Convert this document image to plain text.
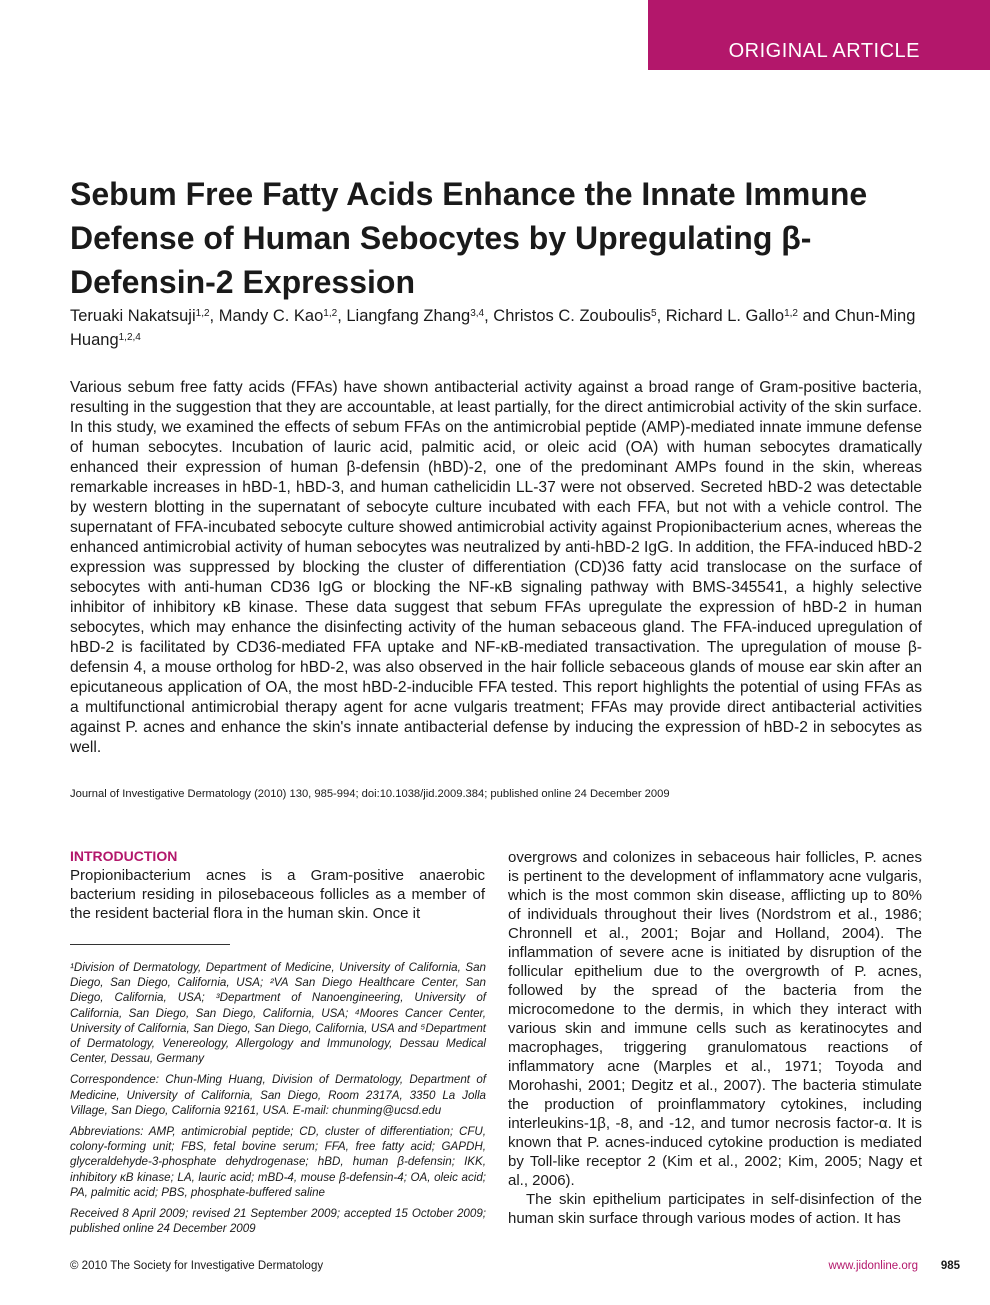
ORIGINAL ARTICLE
Sebum Free Fatty Acids Enhance the Innate Immune Defense of Human Sebocytes by Upregulating β-Defensin-2 Expression
Teruaki Nakatsuji$^{1,2}$, Mandy C. Kao$^{1,2}$, Liangfang Zhang$^{3,4}$, Christos C. Zouboulis$^5$, Richard L. Gallo$^{1,2}$ and Chun-Ming Huang$^{1,2,4}$
Various sebum free fatty acids (FFAs) have shown antibacterial activity against a broad range of Gram-positive bacteria, resulting in the suggestion that they are accountable, at least partially, for the direct antimicrobial activity of the skin surface. In this study, we examined the effects of sebum FFAs on the antimicrobial peptide (AMP)-mediated innate immune defense of human sebocytes. Incubation of lauric acid, palmitic acid, or oleic acid (OA) with human sebocytes dramatically enhanced their expression of human β-defensin (hBD)-2, one of the predominant AMPs found in the skin, whereas remarkable increases in hBD-1, hBD-3, and human cathelicidin LL-37 were not observed. Secreted hBD-2 was detectable by western blotting in the supernatant of sebocyte culture incubated with each FFA, but not with a vehicle control. The supernatant of FFA-incubated sebocyte culture showed antimicrobial activity against Propionibacterium acnes, whereas the enhanced antimicrobial activity of human sebocytes was neutralized by anti-hBD-2 IgG. In addition, the FFA-induced hBD-2 expression was suppressed by blocking the cluster of differentiation (CD)36 fatty acid translocase on the surface of sebocytes with anti-human CD36 IgG or blocking the NF-κB signaling pathway with BMS-345541, a highly selective inhibitor of inhibitory κB kinase. These data suggest that sebum FFAs upregulate the expression of hBD-2 in human sebocytes, which may enhance the disinfecting activity of the human sebaceous gland. The FFA-induced upregulation of hBD-2 is facilitated by CD36-mediated FFA uptake and NF-κB-mediated transactivation. The upregulation of mouse β-defensin 4, a mouse ortholog for hBD-2, was also observed in the hair follicle sebaceous glands of mouse ear skin after an epicutaneous application of OA, the most hBD-2-inducible FFA tested. This report highlights the potential of using FFAs as a multifunctional antimicrobial therapy agent for acne vulgaris treatment; FFAs may provide direct antibacterial activities against P. acnes and enhance the skin's innate antibacterial defense by inducing the expression of hBD-2 in sebocytes as well.
Journal of Investigative Dermatology (2010) 130, 985-994; doi:10.1038/jid.2009.384; published online 24 December 2009
INTRODUCTION
Propionibacterium acnes is a Gram-positive anaerobic bacterium residing in pilosebaceous follicles as a member of the resident bacterial flora in the human skin. Once it

¹Division of Dermatology, Department of Medicine, University of California, San Diego, San Diego, California, USA; ²VA San Diego Healthcare Center, San Diego, California, USA; ³Department of Nanoengineering, University of California, San Diego, San Diego, California, USA; ⁴Moores Cancer Center, University of California, San Diego, San Diego, California, USA and ⁵Department of Dermatology, Venereology, Allergology and Immunology, Dessau Medical Center, Dessau, Germany

Correspondence: Chun-Ming Huang, Division of Dermatology, Department of Medicine, University of California, San Diego, Room 2317A, 3350 La Jolla Village, San Diego, California 92161, USA. E-mail: chunming@ucsd.edu

Abbreviations: AMP, antimicrobial peptide; CD, cluster of differentiation; CFU, colony-forming unit; FBS, fetal bovine serum; FFA, free fatty acid; GAPDH, glyceraldehyde-3-phosphate dehydrogenase; hBD, human β-defensin; IKK, inhibitory κB kinase; LA, lauric acid; mBD-4, mouse β-defensin-4; OA, oleic acid; PA, palmitic acid; PBS, phosphate-buffered saline

Received 8 April 2009; revised 21 September 2009; accepted 15 October 2009; published online 24 December 2009

overgrows and colonizes in sebaceous hair follicles, P. acnes is pertinent to the development of inflammatory acne vulgaris, which is the most common skin disease, afflicting up to 80% of individuals throughout their lives (Nordstrom et al., 1986; Chronnell et al., 2001; Bojar and Holland, 2004). The inflammation of severe acne is initiated by disruption of the follicular epithelium due to the overgrowth of P. acnes, followed by the spread of the bacteria from the microcomedone to the dermis, in which they interact with various skin and immune cells such as keratinocytes and macrophages, triggering granulomatous reactions of inflammatory acne (Marples et al., 1971; Toyoda and Morohashi, 2001; Degitz et al., 2007). The bacteria stimulate the production of proinflammatory cytokines, including interleukins-1β, -8, and -12, and tumor necrosis factor-α. It is known that P. acnes-induced cytokine production is mediated by Toll-like receptor 2 (Kim et al., 2002; Kim, 2005; Nagy et al., 2006).

The skin epithelium participates in self-disinfection of the human skin surface through various modes of action. It has

© 2010 The Society for Investigative Dermatology	www.jidonline.org 985
